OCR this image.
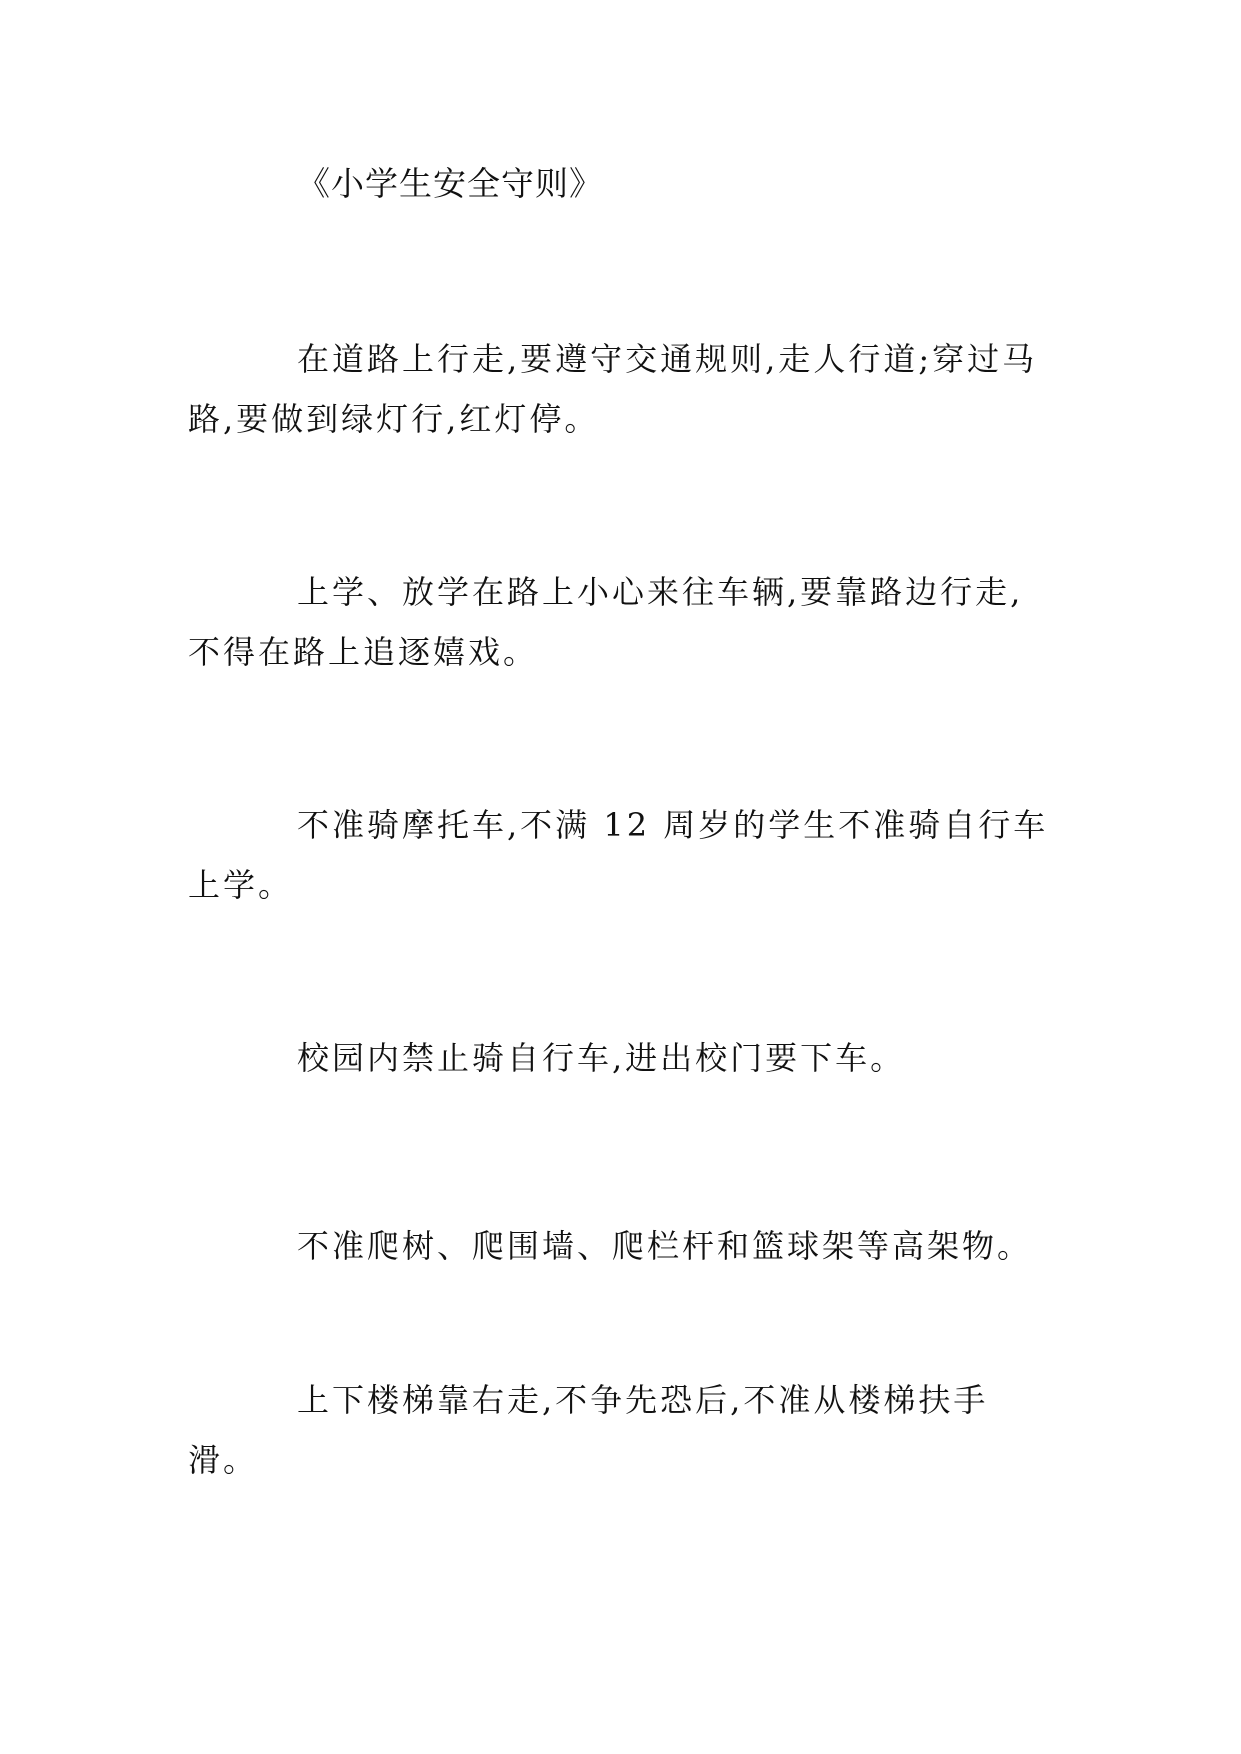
《小学生安全守则》
在道路上行走,要遵守交通规则,走人行道;穿过马路,要做到绿灯行,红灯停。
上学、放学在路上小心来往车辆,要靠路边行走,不得在路上追逐嬉戏。
不准骑摩托车,不满 12 周岁的学生不准骑自行车上学。
校园内禁止骑自行车,进出校门要下车。
不准爬树、爬围墙、爬栏杆和篮球架等高架物。
上下楼梯靠右走,不争先恐后,不准从楼梯扶手滑。
